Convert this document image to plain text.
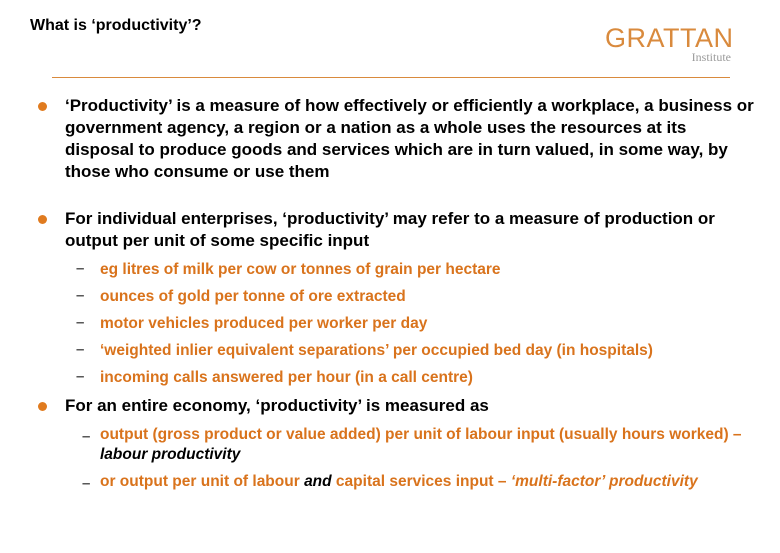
What is ‘productivity’?	GRATTAN
Institute
‘Productivity’ is a measure of how effectively or efficiently a workplace, a business or government agency, a region or a nation as a whole uses the resources at its disposal to produce goods and services which are in turn valued, in some way, by those who consume or use them
For individual enterprises, ‘productivity’ may refer to a measure of production or output per unit of some specific input
– eg litres of milk per cow or tonnes of grain per hectare
– ounces of gold per tonne of ore extracted
– motor vehicles produced per worker per day
– ‘weighted inlier equivalent separations’ per occupied bed day (in hospitals)
– incoming calls answered per hour (in a call centre)
For an entire economy, ‘productivity’ is measured as
– output (gross product or value added) per unit of labour input (usually hours worked) – labour productivity
– or output per unit of labour and capital services input – ‘multi-factor’ productivity
